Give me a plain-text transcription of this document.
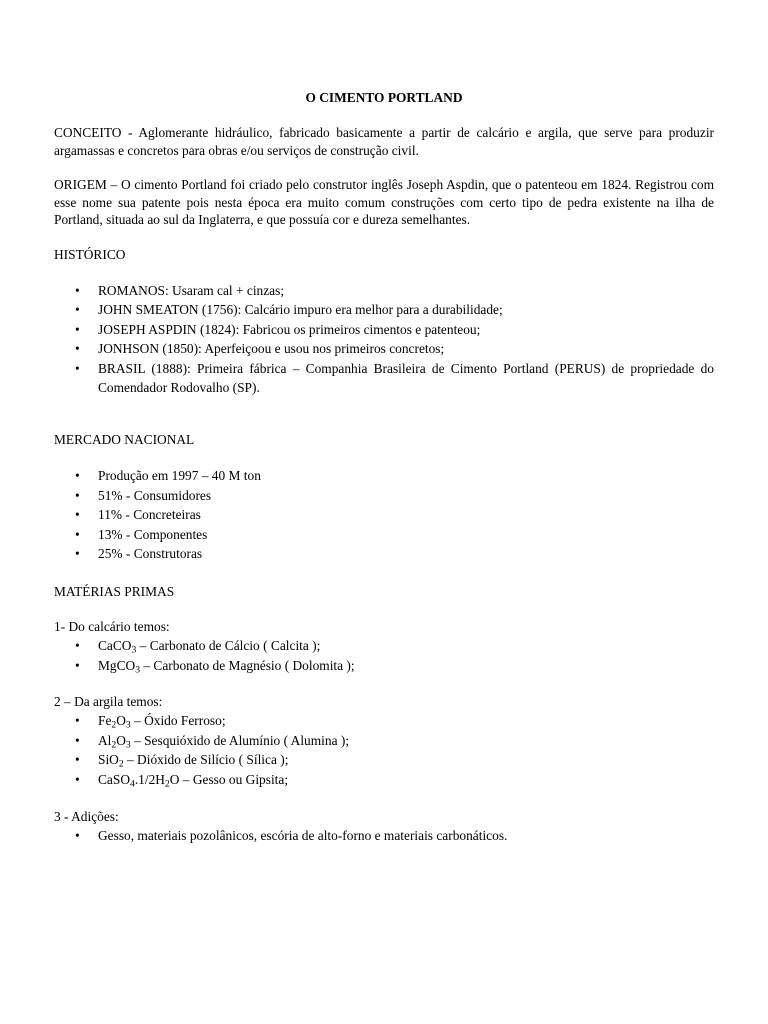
O CIMENTO PORTLAND

CONCEITO - Aglomerante hidráulico, fabricado basicamente a partir de calcário e argila, que serve para produzir argamassas e concretos para obras e/ou serviços de construção civil.

ORIGEM – O cimento Portland foi criado pelo construtor inglês Joseph Aspdin, que o patenteou em 1824. Registrou com esse nome sua patente pois nesta época era muito comum construções com certo tipo de pedra existente na ilha de Portland, situada ao sul da Inglaterra, e que possuía cor e dureza semelhantes.

HISTÓRICO
• ROMANOS: Usaram cal + cinzas;
• JOHN SMEATON (1756): Calcário impuro era melhor para a durabilidade;
• JOSEPH ASPDIN (1824): Fabricou os primeiros cimentos e patenteou;
• JONHSON (1850): Aperfeiçoou e usou nos primeiros concretos;
• BRASIL (1888): Primeira fábrica – Companhia Brasileira de Cimento Portland (PERUS) de propriedade do Comendador Rodovalho (SP).
MERCADO NACIONAL
• Produção em 1997 – 40 M ton
• 51% - Consumidores
• 11% - Concreteiras
• 13% - Componentes
• 25% - Construtoras
MATÉRIAS PRIMAS

1- Do calcário temos:

• CaCO$_3$ – Carbonato de Cálcio ( Calcita );
• MgCO$_3$ – Carbonato de Magnésio ( Dolomita );

2 – Da argila temos:

• $Fe_2O_3$ – Óxido Ferroso;
• $Al_2O_3$ – Sesquióxido de Alumínio ( Alumina );
• SiO$_2$ – Dióxido de Silício ( Sílica );
• $CaSO_4.1/2H_2O$ – Gesso ou Gipsita;

3 - Adições:

• Gesso, materiais pozolânicos, escória de alto-forno e materiais carbonáticos.
